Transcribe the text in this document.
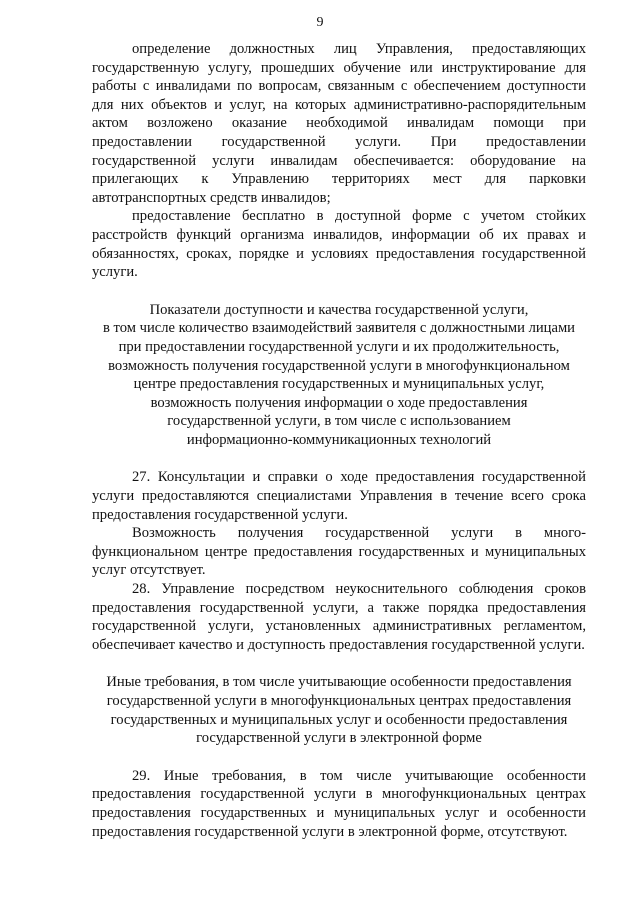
9

определение должностных лиц Управления, предоставляющих государственную услугу, прошедших обучение или инструктирование для работы с инвалидами по вопросам, связанным с обеспечением доступности для них объектов и услуг, на которых административно-распорядительным актом возложено оказание необходимой инвалидам помощи при предоставлении государственной услуги. При предоставлении государственной услуги инвалидам обеспечивается: оборудование на прилегающих к Управлению территориях мест для парковки автотранспортных средств инвалидов;

предоставление бесплатно в доступной форме с учетом стойких расстройств функций организма инвалидов, информации об их правах и обязанностях, сроках, порядке и условиях предоставления государственной услуги.

Показатели доступности и качества государственной услуги,
в том числе количество взаимодействий заявителя с должностными лицами
при предоставлении государственной услуги и их продолжительность,
возможность получения государственной услуги в многофункциональном
центре предоставления государственных и муниципальных услуг,
возможность получения информации о ходе предоставления
государственной услуги, в том числе с использованием
информационно-коммуникационных технологий

27. Консультации и справки о ходе предоставления государственной услуги предоставляются специалистами Управления в течение всего срока предоставления государственной услуги.

Возможность получения государственной услуги в много-функциональном центре предоставления государственных и муниципальных услуг отсутствует.

28. Управление посредством неукоснительного соблюдения сроков предоставления государственной услуги, а также порядка предоставления государственной услуги, установленных административных регламентом, обеспечивает качество и доступность предоставления государственной услуги.

Иные требования, в том числе учитывающие особенности предоставления
государственной услуги в многофункциональных центрах предоставления
государственных и муниципальных услуг и особенности предоставления
государственной услуги в электронной форме

29. Иные требования, в том числе учитывающие особенности предоставления государственной услуги в многофункциональных центрах предоставления государственных и муниципальных услуг и особенности предоставления государственной услуги в электронной форме, отсутствуют.
